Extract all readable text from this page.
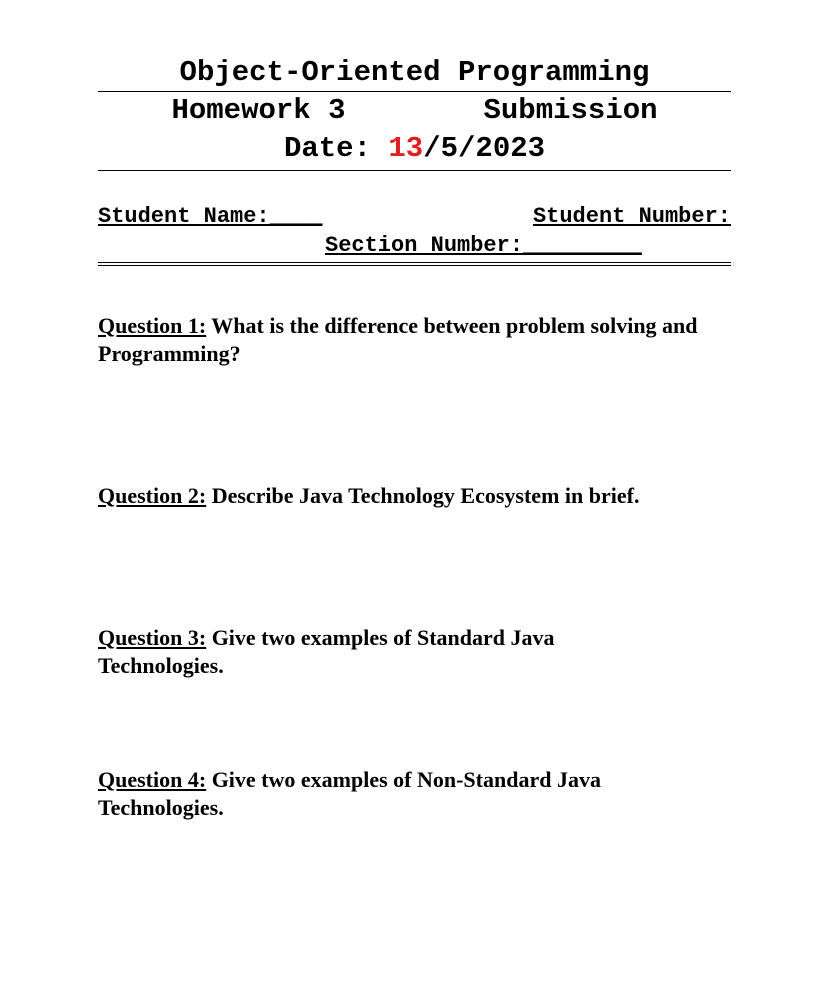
Object-Oriented Programming
Homework 3	Submission
Date: 13/5/2023
Student Name:____	Student Number:
Section Number:_________
Question 1: What is the difference between problem solving and Programming?
Question 2: Describe Java Technology Ecosystem in brief.
Question 3: Give two examples of Standard Java Technologies.
Question 4: Give two examples of Non-Standard Java Technologies.
